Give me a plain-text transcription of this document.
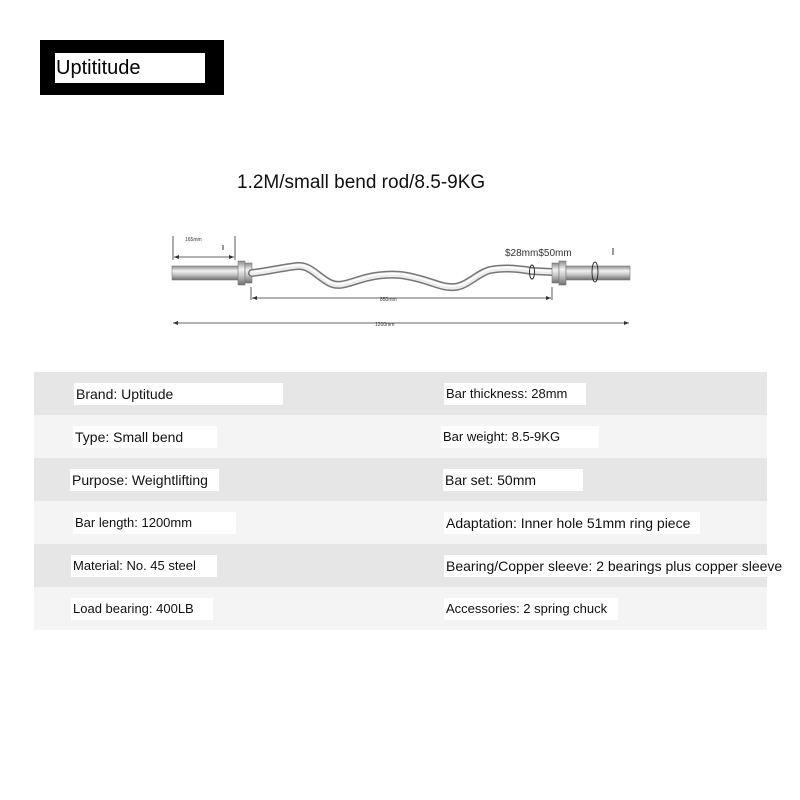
Uptititude
1.2M/small bend rod/8.5-9KG
165mm
$28mm$50mm
850mm
1200mm
Brand: Uptitude	Bar thickness: 28mm
Type: Small bend	Bar weight: 8.5-9KG
Purpose: Weightlifting	Bar set: 50mm
Bar length: 1200mm	Adaptation: Inner hole 51mm ring piece
Material: No. 45 steel	Bearing/Copper sleeve: 2 bearings plus copper sleeve
Load bearing: 400LB	Accessories: 2 spring chuck
